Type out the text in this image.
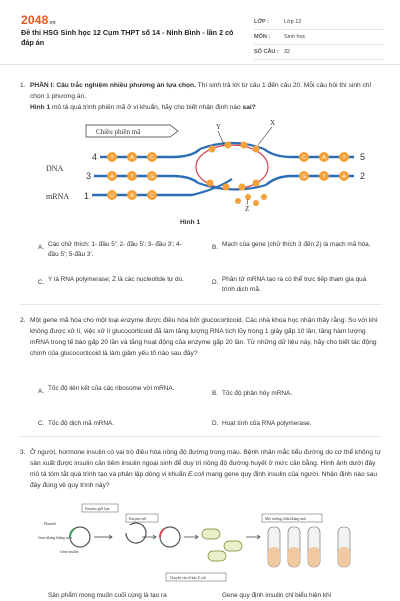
2048vn
Đề thi HSG Sinh học 12 Cụm THPT số 14 - Ninh Bình - lần 2 có đáp án
LỚP :	Lớp 12
MÔN :	Sinh học
SỐ CÂU : 32
1. PHẦN I: Câu trắc nghiệm nhiều phương án lựa chọn. Thí sinh trả lời từ câu 1 đến câu 20. Mỗi câu hỏi thí sinh chỉ chọn 1 phương án.
Hình 1 mô tả quá trình phiên mã ở vi khuẩn, hãy cho biết nhận định nào sai?
Chiều phiên mã
Y	X
Z
DNA
mRNA
4
3
1
5
2
T	A	C
A	T	G
U	A	C
C	A	T
G	T	A
Hình 1
A. Các chữ thích: 1- đầu 5'; 2- đầu 5'; 3- đầu 3'; 4- đầu 5'; 5-đầu 3'.
B. Mạch của gene (chữ thích 3 đến 2) là mạch mã hóa.
C. Y là RNA polymerase; Z là các nucleotide tự do.	D. Phân tử mRNA tạo ra có thể trực tiếp tham gia quá trình dịch mã.
2. Một gene mã hóa cho một loại enzyme được điều hòa bởi glucocorticoid. Các nhà khoa học nhận thấy rằng: So với khi không được xử lí, việc xử lí glucocorticoid đã làm tăng lượng RNA tích lũy trong 1 giây gấp 10 lần, tăng hàm lượng mRNA trong tế bào gấp 20 lần và tăng hoạt động của enzyme gấp 20 lần. Từ những dữ liệu này, hãy cho biết tác động chính của glucocorticoid là làm giảm yếu tố nào sau đây?
A. Tốc độ liên kết của các ribosome với mRNA.
B. Tốc độ phân hủy mRNA.
C. Tốc độ dịch mã mRNA.	D. Hoạt tính của RNA polymerase.
3. Ở người, hormone insulin có vai trò điều hòa nồng độ đường trong máu. Bệnh nhân mắc tiểu đường do cơ thể không tự sản xuất được insulin cần tiêm insulin ngoại sinh để duy trì nồng độ đường huyết ở mức cân bằng. Hình ảnh dưới đây mô tả tóm tắt quá trình tạo và phân lập dòng vi khuẩn E.coli mang gene quy định insulin của người. Nhận định nào sau đây đúng về quy trình này?
Enzyme giới hạn
Enzyme nối	Môi trường chứa kháng sinh
Plasmid
Gene kháng kháng sinh
Gene insulin
Chuyển vào tế bào E.coli
Sản phẩm mong muốn cuối cùng là tạo ra	Gene quy định insulin chỉ biểu hiện khi
